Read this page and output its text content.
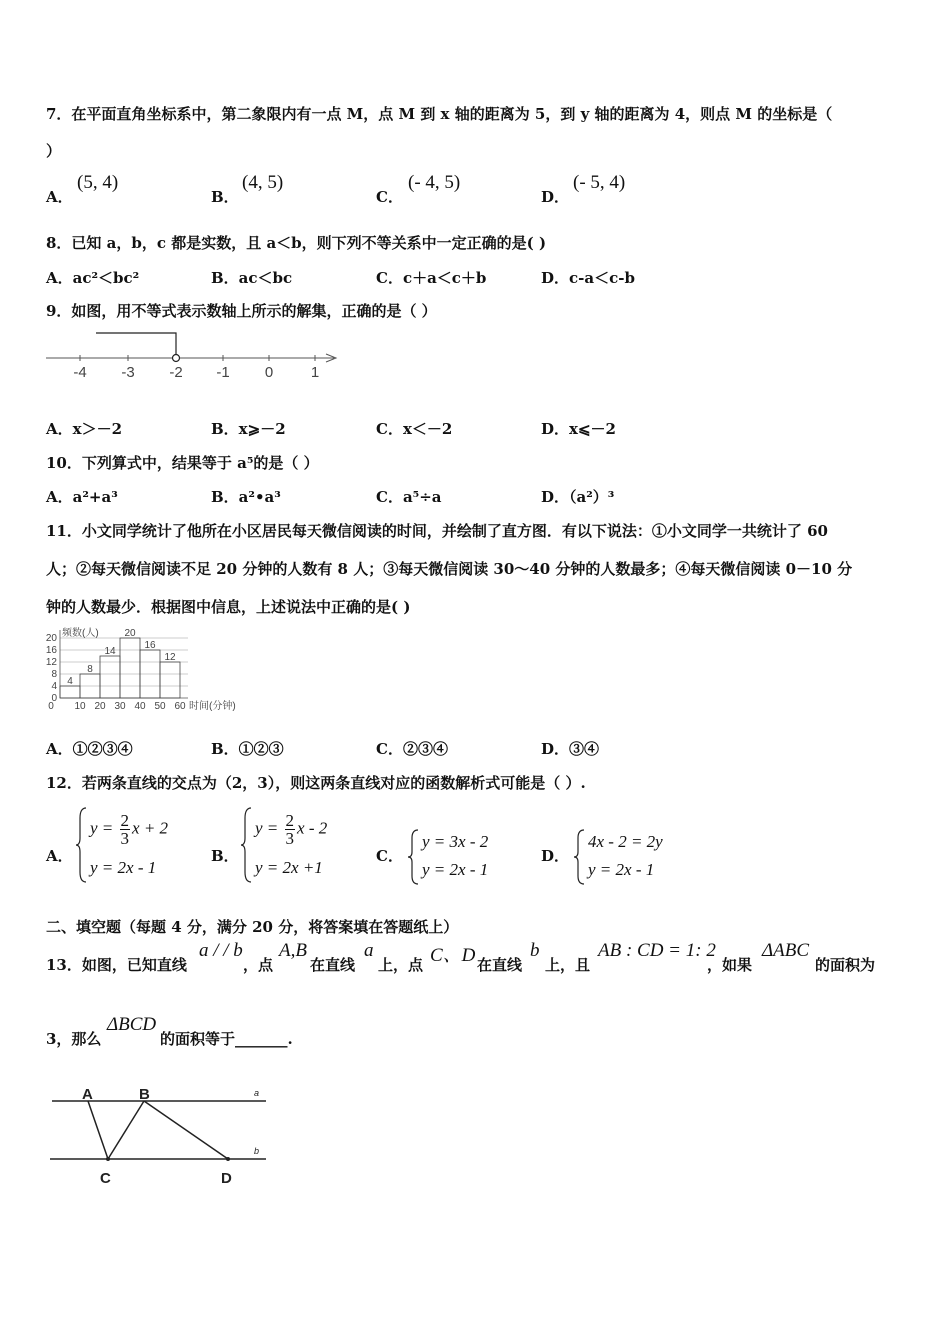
7．在平面直角坐标系中，第二象限内有一点 M，点 M 到 x 轴的距离为 5，到 y 轴的距离为 4，则点 M 的坐标是（
）
A．
(5, 4)
B．
(4, 5)
C．
(- 4, 5)
D．
(- 5, 4)
8．已知 a，b，c 都是实数，且 a＜b，则下列不等关系中一定正确的是( )
A．ac²＜bc²	B．ac＜bc	C．c＋a＜c＋b	D．c-a＜c-b
9．如图，用不等式表示数轴上所示的解集，正确的是（ ）
-4 -3 -2 -1 0	1
A．x＞－2	B．x⩾－2	C．x＜－2	D．x⩽－2
10．下列算式中，结果等于 a⁵的是（ ）
A．a²+a³	B．a²•a³	C．a⁵÷a	D．（a²）³
11．小文同学统计了他所在小区居民每天微信阅读的时间，并绘制了直方图．有以下说法：①小文同学一共统计了 60
人；②每天微信阅读不足 20 分钟的人数有 8 人；③每天微信阅读 30～40 分钟的人数最多；④每天微信阅读 0－10 分
钟的人数最少．根据图中信息，上述说法中正确的是( )
0
4
8
12
16
20
4
8
14
20
16
12
0 10 20 30 40 50 60
频数(人)
时间(分钟)
A．①②③④	B．①②③	C．②③④	D．③④
12．若两条直线的交点为（2，3），则这两条直线对应的函数解析式可能是（ ）.
A．
$y = \frac{2}{3}$ x + 2
y = 2x - 1
B．
$y = \frac{2}{3}$ x - 2
y = 2x +1
C．
y = 3x - 2
y = 2x - 1
D．
4x - 2 = 2y
y = 2x - 1
二、填空题（每题 4 分，满分 20 分，将答案填在答题纸上）
13．如图，已知直线
a / / b
，点
A,B
在直线
a
上，点 C、D 在直线
b
上，且
AB : CD = 1: 2
，如果
ΔABC
的面积为
3，那么
ΔBCD
的面积等于_______.
A	B
C	D
a
b
